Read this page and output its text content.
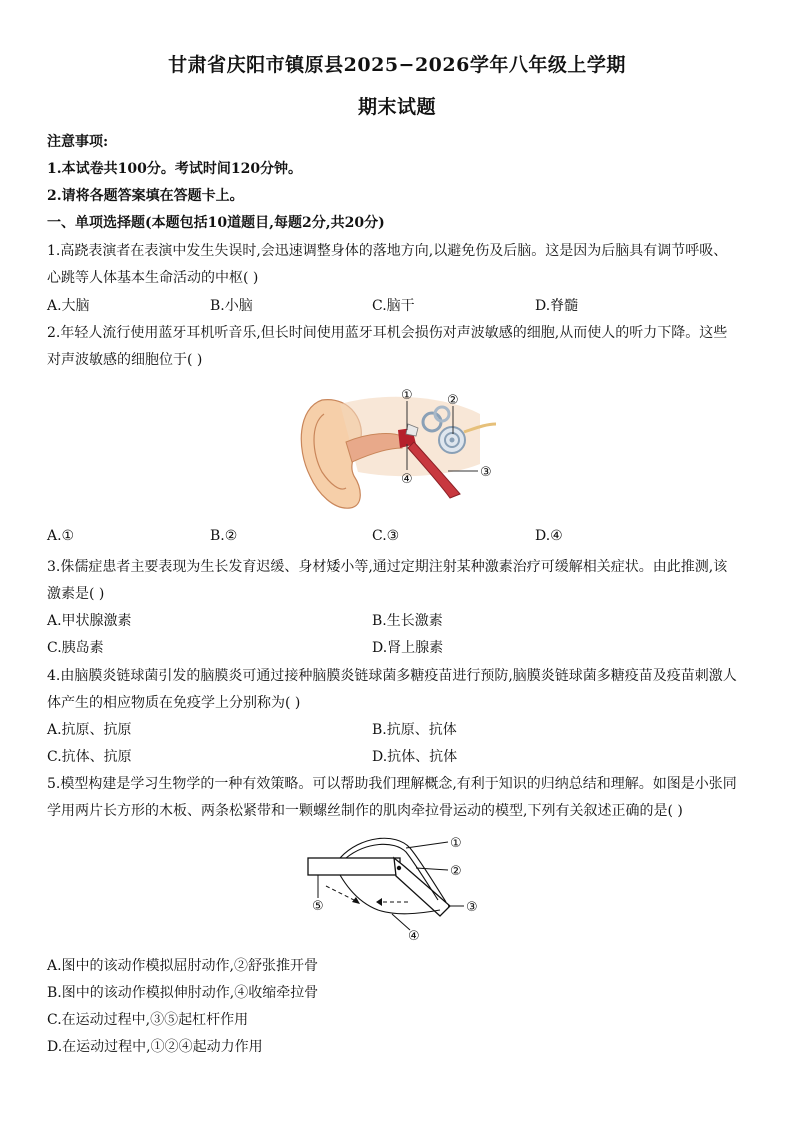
甘肃省庆阳市镇原县2025−2026学年八年级上学期
期末试题
注意事项:
1.本试卷共100分。考试时间120分钟。
2.请将各题答案填在答题卡上。
一、单项选择题(本题包括10道题目,每题2分,共20分)
1.高跷表演者在表演中发生失误时,会迅速调整身体的落地方向,以避免伤及后脑。这是因为后脑具有调节呼吸、
心跳等人体基本生命活动的中枢( )
A.大脑	B.小脑	C.脑干	D.脊髓
2.年轻人流行使用蓝牙耳机听音乐,但长时间使用蓝牙耳机会损伤对声波敏感的细胞,从而使人的听力下降。这些
对声波敏感的细胞位于( )
①	②
③
④
A.①	B.②	C.③	D.④
3.侏儒症患者主要表现为生长发育迟缓、身材矮小等,通过定期注射某种激素治疗可缓解相关症状。由此推测,该
激素是( )
A.甲状腺激素	B.生长激素
C.胰岛素	D.肾上腺素
4.由脑膜炎链球菌引发的脑膜炎可通过接种脑膜炎链球菌多糖疫苗进行预防,脑膜炎链球菌多糖疫苗及疫苗刺激人
体产生的相应物质在免疫学上分别称为( )
A.抗原、抗原	B.抗原、抗体
C.抗体、抗原	D.抗体、抗体
5.模型构建是学习生物学的一种有效策略。可以帮助我们理解概念,有利于知识的归纳总结和理解。如图是小张同
学用两片长方形的木板、两条松紧带和一颗螺丝制作的肌肉牵拉骨运动的模型,下列有关叙述正确的是( )
①
②
③
④
⑤
A.图中的该动作模拟屈肘动作,②舒张推开骨
B.图中的该动作模拟伸肘动作,④收缩牵拉骨
C.在运动过程中,③⑤起杠杆作用
D.在运动过程中,①②④起动力作用
